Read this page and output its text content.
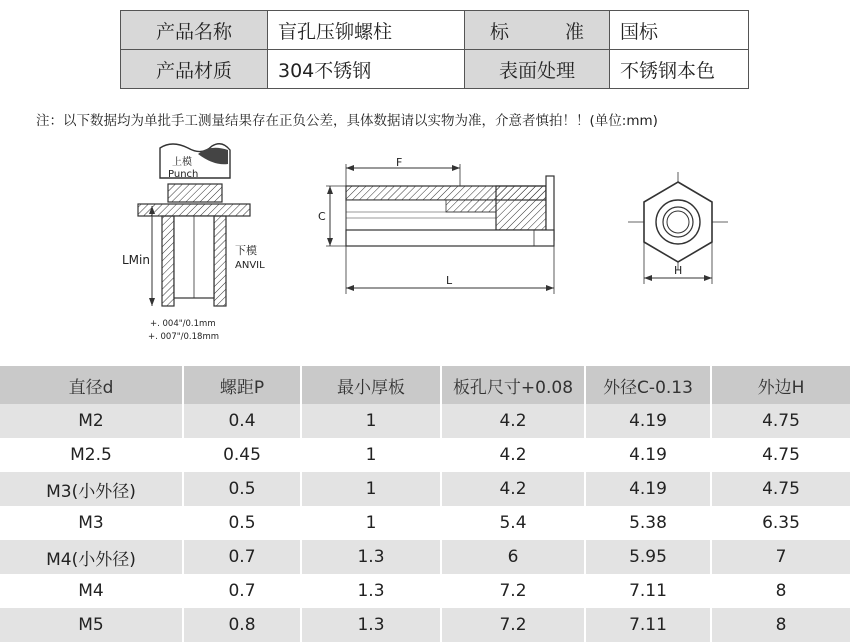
产品名称	盲孔压铆螺柱	标 准	国标
产品材质	304不锈钢	表面处理	不锈钢本色
注：以下数据均为单批手工测量结果存在正负公差，具体数据请以实物为准，介意者慎拍！！(单位:mm)
上模
Punch
LMin
下模
ANVIL
+. 004"/0.1mm
+. 007"/0.18mm
F
C
L
H
直径d	螺距P	最小厚板	板孔尺寸+0.08	外径C-0.13	外边H
M2	0.4	1	4.2	4.19	4.75
M2.5	0.45	1	4.2	4.19	4.75
M3(小外径)	0.5	1	4.2	4.19	4.75
M3	0.5	1	5.4	5.38	6.35
M4(小外径)	0.7	1.3	6	5.95	7
M4	0.7	1.3	7.2	7.11	8
M5	0.8	1.3	7.2	7.11	8
